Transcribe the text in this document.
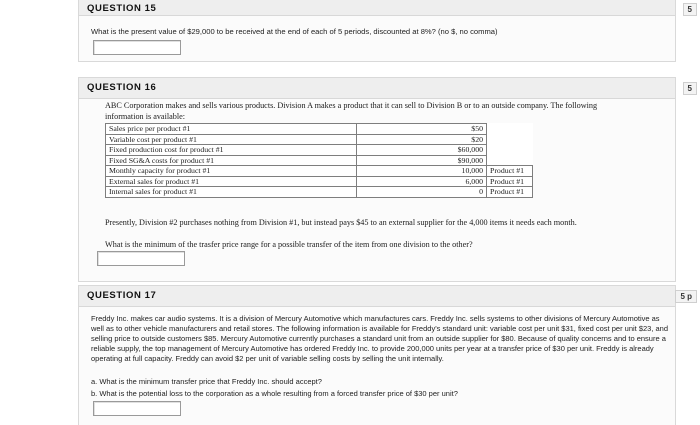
QUESTION 15	5
What is the present value of $29,000 to be received at the end of each of 5 periods, discounted at 8%? (no $, no comma)
QUESTION 16	5
ABC Corporation makes and sells various products. Division A makes a product that it can sell to Division B or to an outside company. The following information is available:
Sales price per product #1	$50	
Variable cost per product #1	$20	
Fixed production cost for product #1	$60,000	
Fixed SG&A costs for product #1	$90,000	
Monthly capacity for product #1	10,000	Product #1
External sales for product #1	6,000	Product #1
Internal sales for product #1	0	Product #1
Presently, Division #2 purchases nothing from Division #1, but instead pays $45 to an external supplier for the 4,000 items it needs each month.
What is the minimum of the trasfer price range for a possible transfer of the item from one division to the other?
QUESTION 17	5 p
Freddy Inc. makes car audio systems. It is a division of Mercury Automotive which manufactures cars. Freddy Inc. sells systems to other divisions of Mercury Automotive as well as to other vehicle manufacturers and retail stores. The following information is available for Freddy's standard unit: variable cost per unit $31, fixed cost per unit $23, and selling price to outside customers $85. Mercury Automotive currently purchases a standard unit from an outside supplier for $80. Because of quality concerns and to ensure a reliable supply, the top management of Mercury Automotive has ordered Freddy Inc. to provide 200,000 units per year at a transfer price of $30 per unit. Freddy is already operating at full capacity. Freddy can avoid $2 per unit of variable selling costs by selling the unit internally.
a. What is the minimum transfer price that Freddy Inc. should accept?
b. What is the potential loss to the corporation as a whole resulting from a forced transfer price of $30 per unit?
